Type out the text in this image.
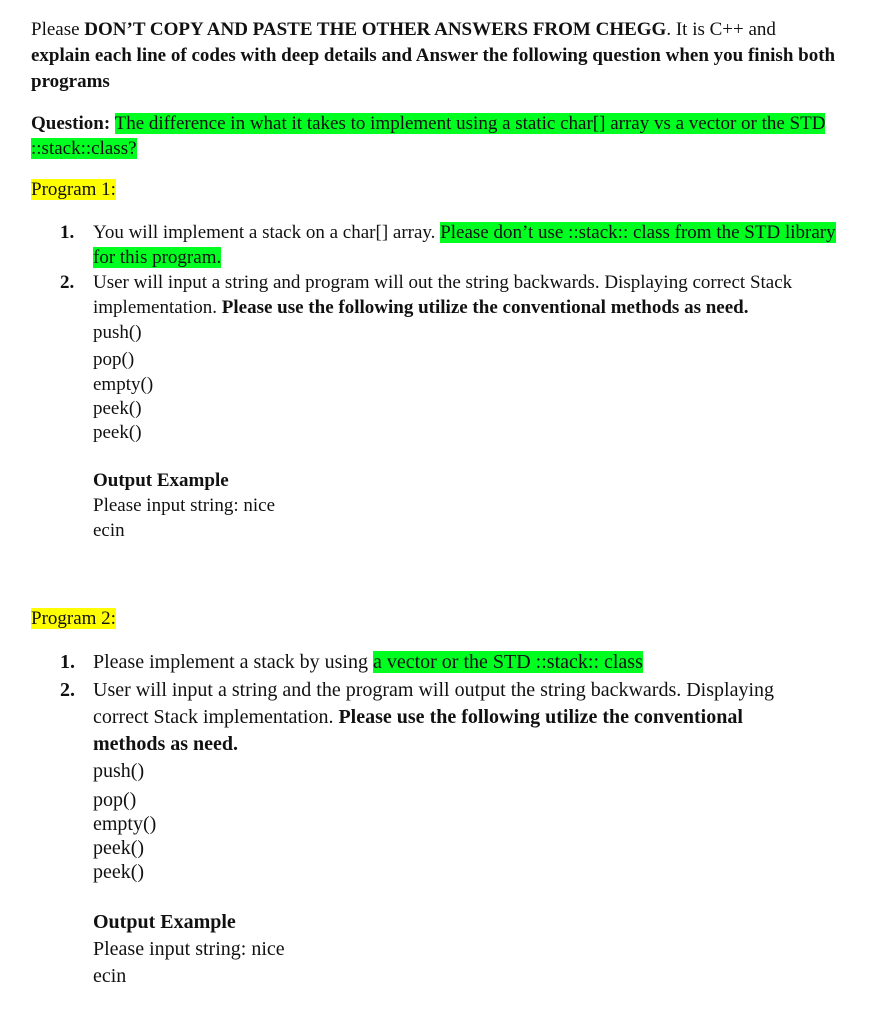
Please DON’T COPY AND PASTE THE OTHER ANSWERS FROM CHEGG. It is C++ and
explain each line of codes with deep details and Answer the following question when you finish both
programs
Question: The difference in what it takes to implement using a static char[] array vs a vector or the STD
::stack::class?
Program 1:
1. You will implement a stack on a char[] array. Please don’t use ::stack:: class from the STD library
for this program.
2. User will input a string and program will out the string backwards. Displaying correct Stack
implementation. Please use the following utilize the conventional methods as need.
push()
pop()
empty()
peek()
peek()
Output Example
Please input string: nice
ecin
Program 2:
1. Please implement a stack by using a vector or the STD ::stack:: class
2. User will input a string and the program will output the string backwards. Displaying
correct Stack implementation. Please use the following utilize the conventional
methods as need.
push()
pop()
empty()
peek()
peek()
Output Example
Please input string: nice
ecin
